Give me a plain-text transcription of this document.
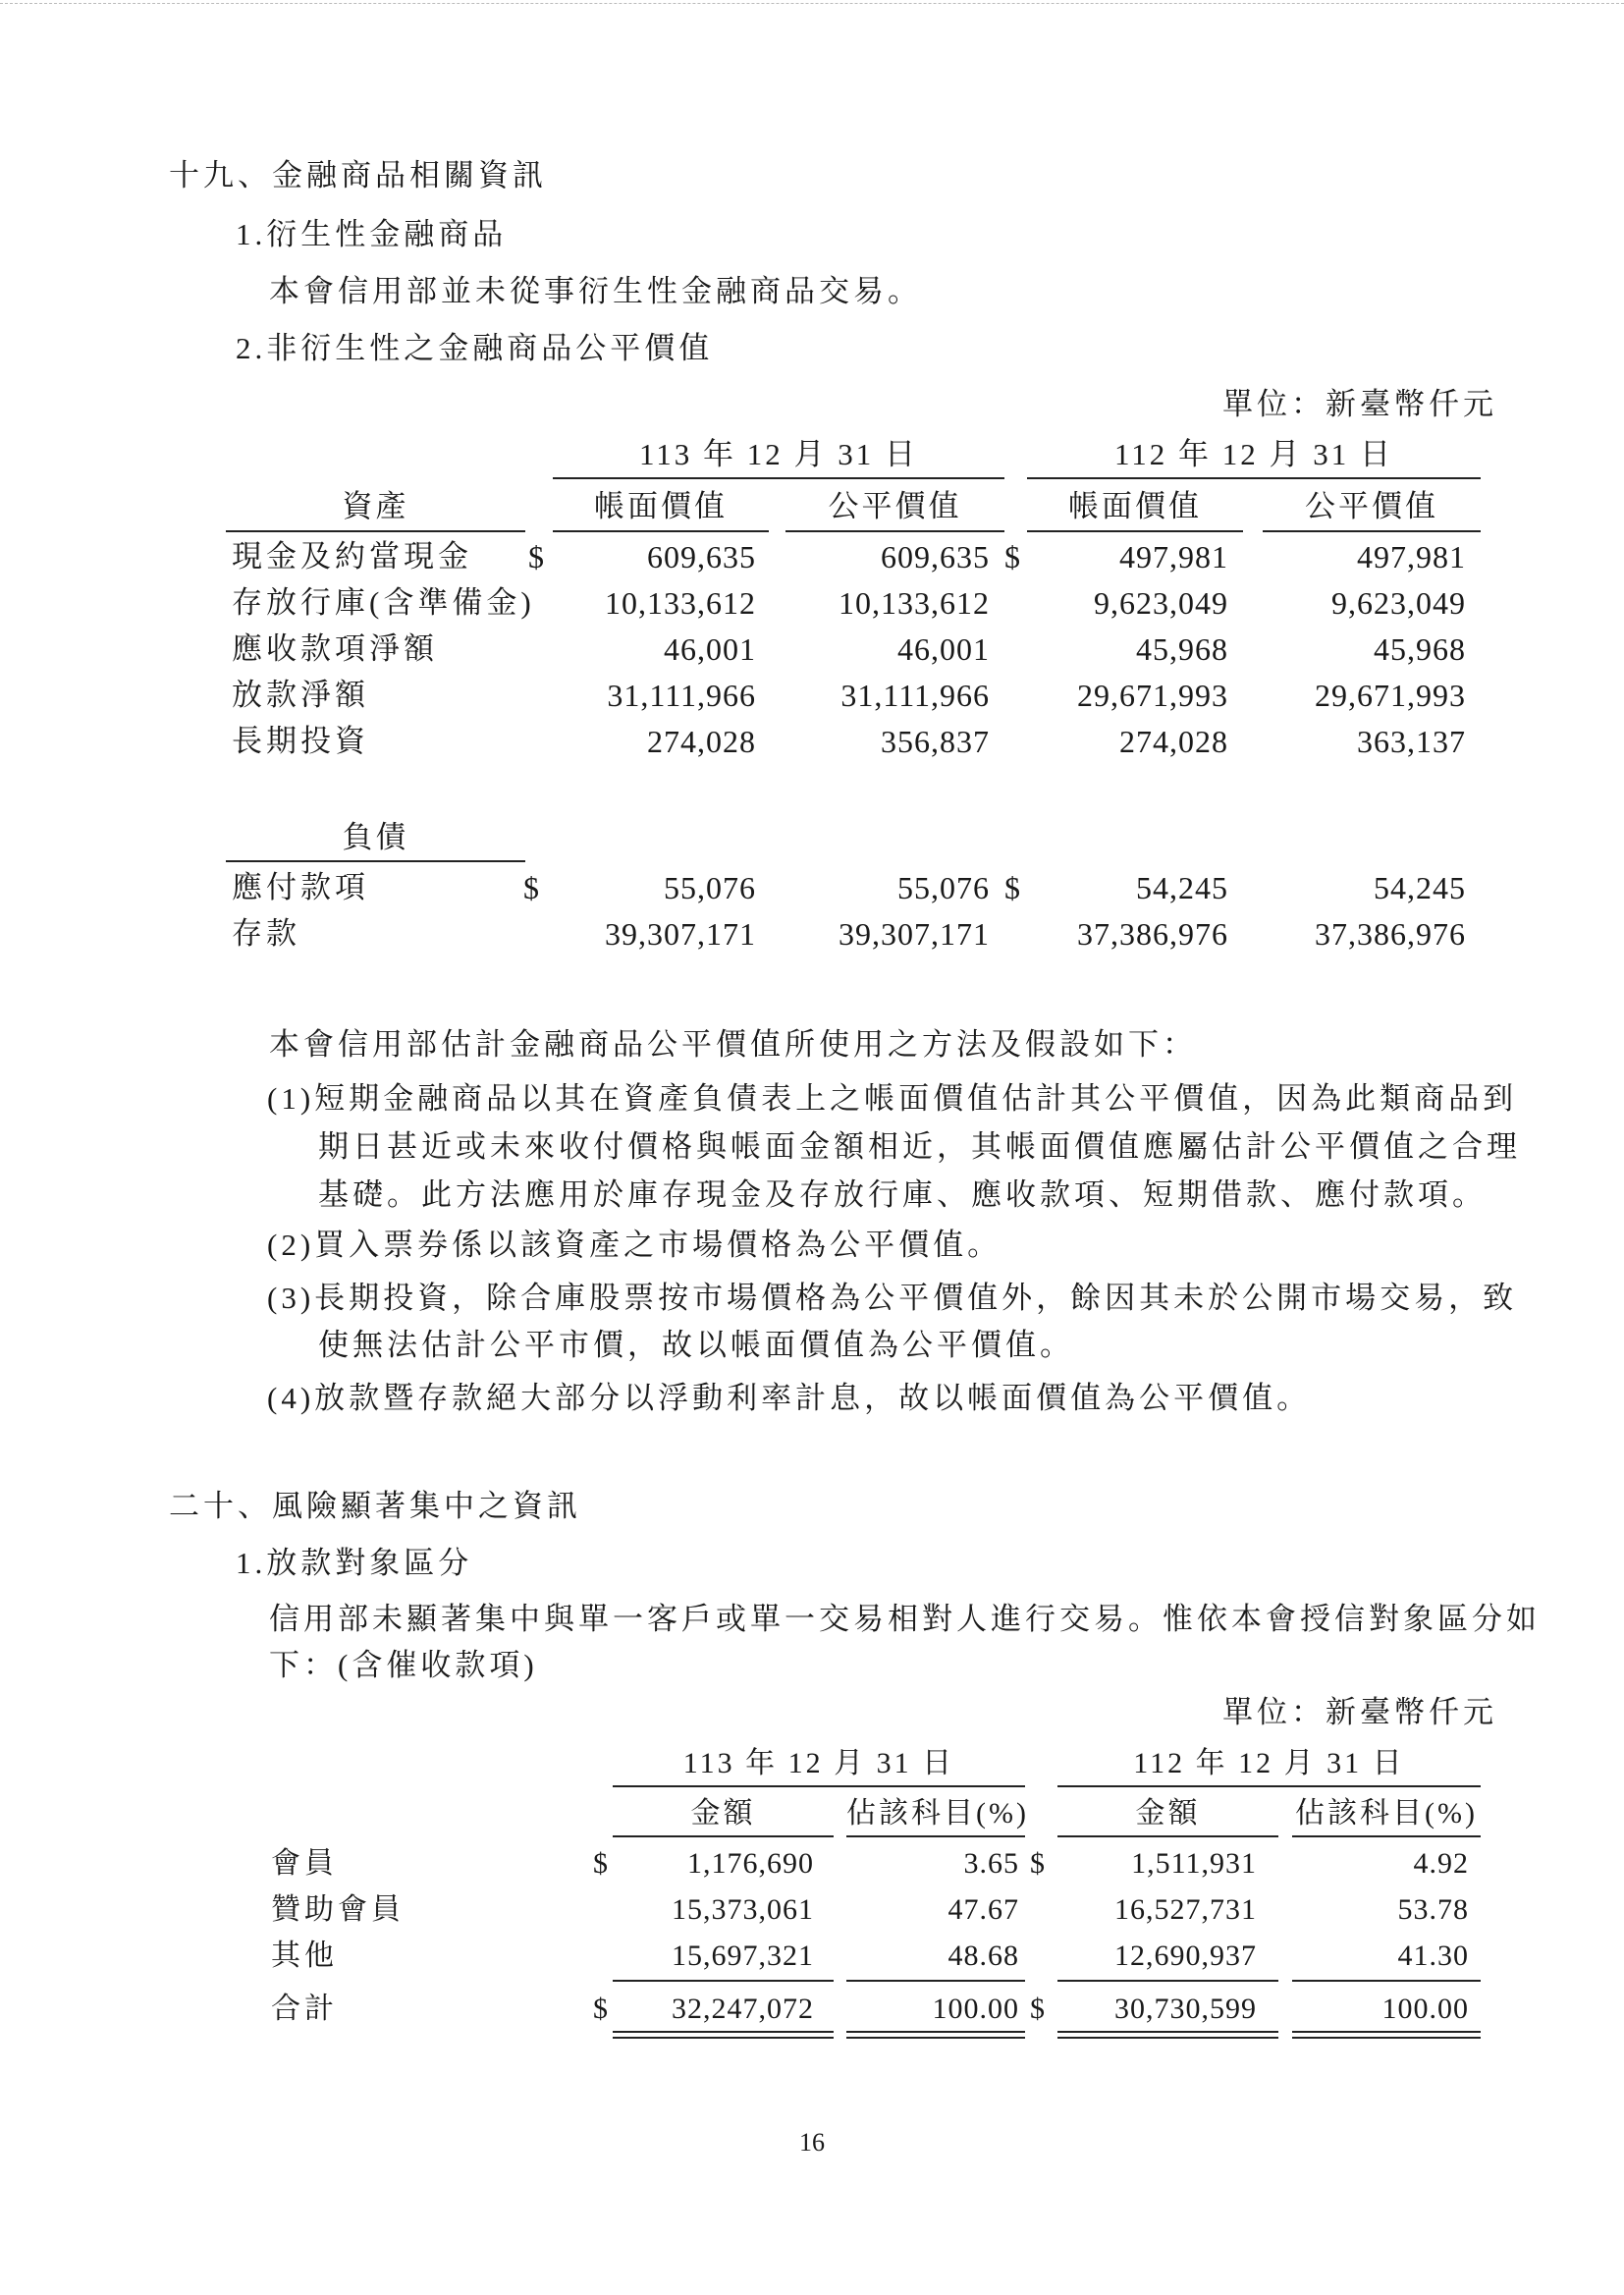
十九、金融商品相關資訊
1.衍生性金融商品
本會信用部並未從事衍生性金融商品交易。
2.非衍生性之金融商品公平價值
單位：新臺幣仟元
113 年 12 月 31 日	112 年 12 月 31 日
資產	帳面價值	公平價值	帳面價值	公平價值
現金及約當現金 $	609,635	609,635 $	497,981	497,981
存放行庫(含準備金)	10,133,612	10,133,612	9,623,049	9,623,049
應收款項淨額	46,001	46,001	45,968	45,968
放款淨額	31,111,966	31,111,966	29,671,993	29,671,993
長期投資	274,028	356,837	274,028	363,137
負債
應付款項	$	55,076	55,076 $	54,245	54,245
存款	39,307,171	39,307,171	37,386,976	37,386,976
本會信用部估計金融商品公平價值所使用之方法及假設如下：
(1)短期金融商品以其在資產負債表上之帳面價值估計其公平價值，因為此類商品到
期日甚近或未來收付價格與帳面金額相近，其帳面價值應屬估計公平價值之合理
基礎。此方法應用於庫存現金及存放行庫、應收款項、短期借款、應付款項。
(2)買入票券係以該資產之市場價格為公平價值。
(3)長期投資，除合庫股票按市場價格為公平價值外，餘因其未於公開市場交易，致
使無法估計公平市價，故以帳面價值為公平價值。
(4)放款暨存款絕大部分以浮動利率計息，故以帳面價值為公平價值。
二十、風險顯著集中之資訊
1.放款對象區分
信用部未顯著集中與單一客戶或單一交易相對人進行交易。惟依本會授信對象區分如
下：(含催收款項)
單位：新臺幣仟元
113 年 12 月 31 日	112 年 12 月 31 日
金額	佔該科目(%)	金額	佔該科目(%)
會員	$	1,176,690	3.65 $	1,511,931	4.92
贊助會員	15,373,061	47.67	16,527,731	53.78
其他	15,697,321	48.68	12,690,937	41.30
合計	$	32,247,072	100.00 $	30,730,599	100.00
16
